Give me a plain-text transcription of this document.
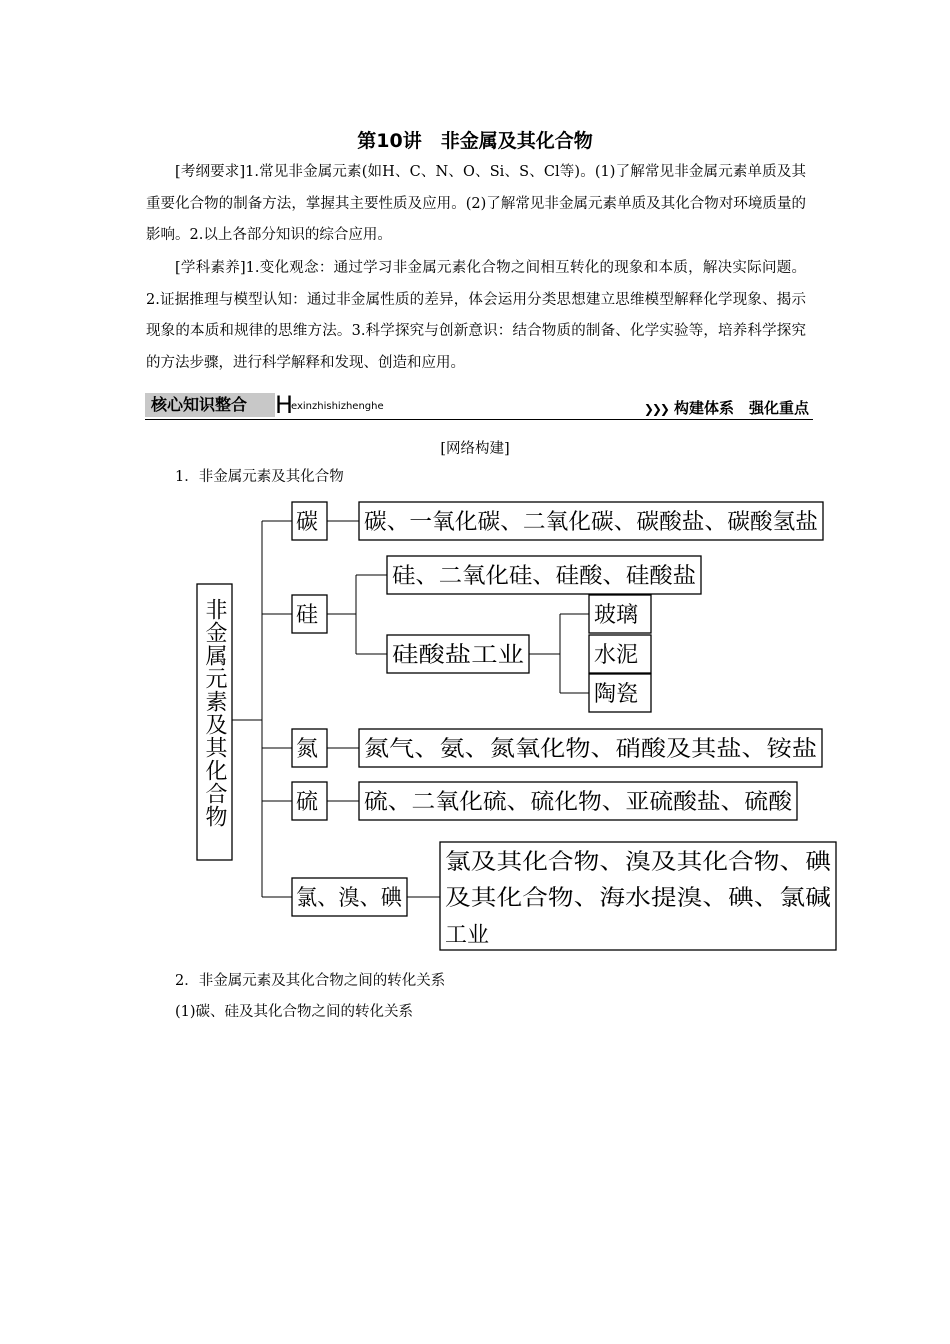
第10讲　非金属及其化合物

[考纲要求]1.常见非金属元素(如H、C、N、O、Si、S、Cl等)。(1)了解常见非金属元素单质及其重要化合物的制备方法，掌握其主要性质及应用。(2)了解常见非金属元素单质及其化合物对环境质量的影响。2.以上各部分知识的综合应用。

[学科素养]1.变化观念：通过学习非金属元素化合物之间相互转化的现象和本质，解决实际问题。2.证据推理与模型认知：通过非金属性质的差异，体会运用分类思想建立思维模型解释化学现象、揭示现象的本质和规律的思维方法。3.科学探究与创新意识：结合物质的制备、化学实验等，培养科学探究的方法步骤，进行科学解释和发现、创造和应用。

核心知识整合	H
exinzhishizhenghe	❯❯❯ 构建体系　强化重点
[网络构建]
1．非金属元素及其化合物
非金属元素及其化合物
碳 碳、一氧化碳、二氧化碳、碳酸盐、碳酸氢盐
硅
硅、二氧化硅、硅酸、硅酸盐
硅酸盐工业
玻璃
水泥
陶瓷
氮 氮气、氨、氮氧化物、硝酸及其盐、铵盐
硫 硫、二氧化硫、硫化物、亚硫酸盐、硫酸
氯、溴、碘
氯及其化合物、溴及其化合物、碘
及其化合物、海水提溴、碘、氯碱
工业
2．非金属元素及其化合物之间的转化关系
(1)碳、硅及其化合物之间的转化关系
